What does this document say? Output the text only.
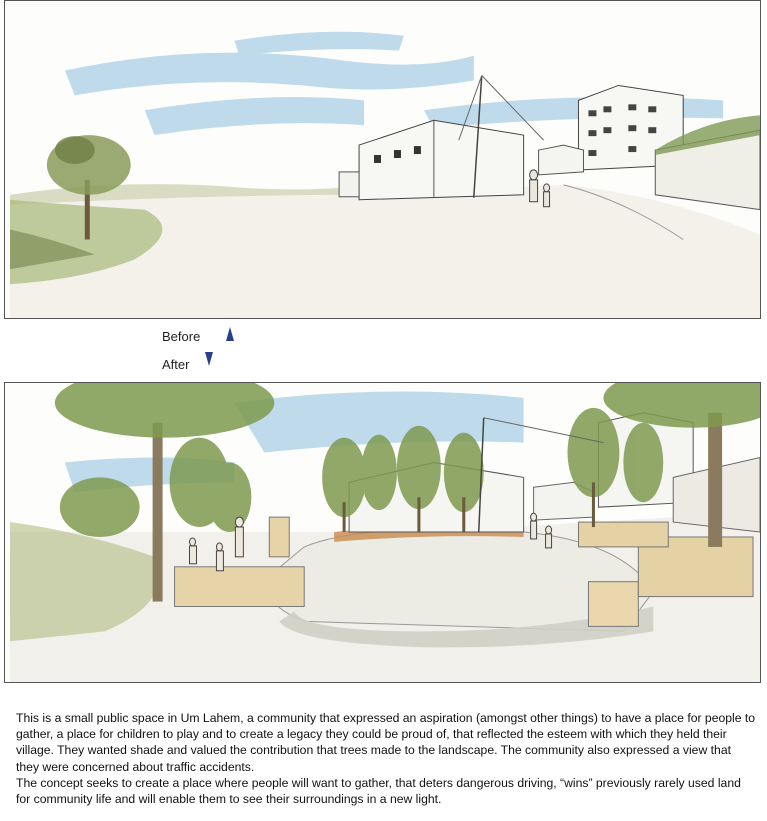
Before
After

This is a small public space in Um Lahem, a community that expressed an aspiration (amongst other things) to have a place for people to gather, a place for children to play and to create a legacy they could be proud of, that reflected the esteem with which they held their village. They wanted shade and valued the contribution that trees made to the landscape. The community also expressed a view that they were concerned about traffic accidents.

The concept seeks to create a place where people will want to gather, that deters dangerous driving, “wins” previously rarely used land for community life and will enable them to see their surroundings in a new light.
